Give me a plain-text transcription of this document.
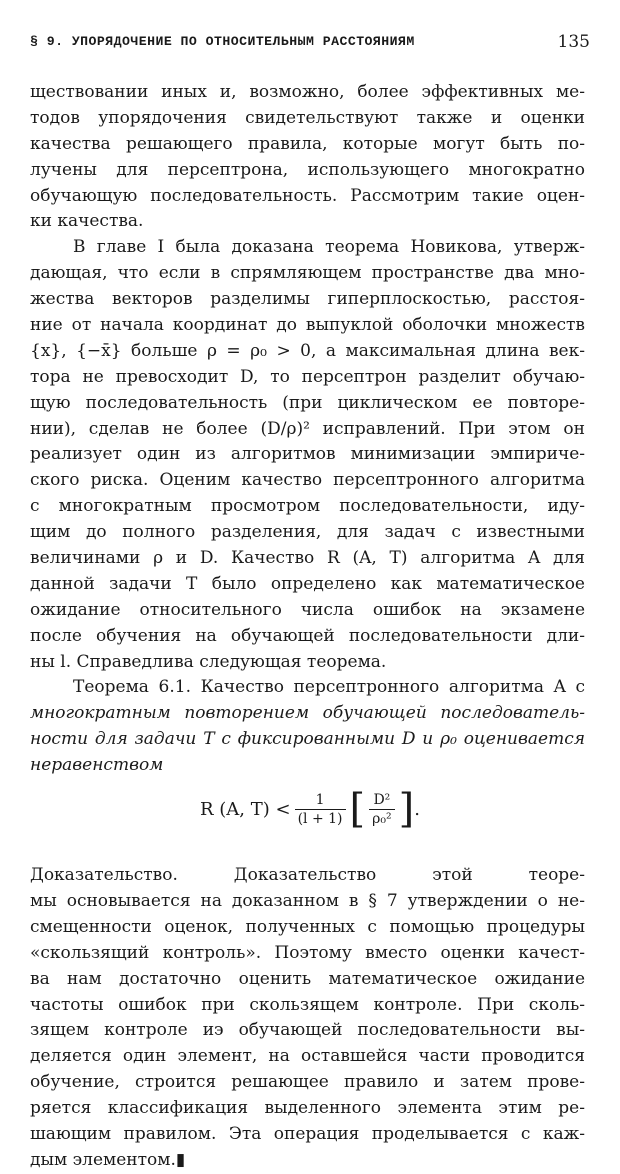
§ 9. УПОРЯДОЧЕНИЕ ПО ОТНОСИТЕЛЬНЫМ РАССТОЯНИЯМ	135
ществовании иных и, возможно, более эффективных ме-
тодов упорядочения свидетельствуют также и оценки
качества решающего правила, которые могут быть по-
лучены для персептрона, использующего многократно
обучающую последовательность. Рассмотрим такие оцен-
ки качества.
В главе I была доказана теорема Новикова, утверж-
дающая, что если в спрямляющем пространстве два мно-
жества векторов разделимы гиперплоскостью, расстоя-
ние от начала координат до выпуклой оболочки множеств
{x}, {−x̄} больше ρ = ρ₀ > 0, а максимальная длина век-
тора не превосходит D, то персептрон разделит обучаю-
щую последовательность (при циклическом ее повторе-
нии), сделав не более (D/ρ)² исправлений. При этом он
реализует один из алгоритмов минимизации эмпириче-
ского риска. Оценим качество персептронного алгоритма
с многократным просмотром последовательности, иду-
щим до полного разделения, для задач с известными
величинами ρ и D. Качество R (A, T) алгоритма A для
данной задачи T было определено как математическое
ожидание относительного числа ошибок на экзамене
после обучения на обучающей последовательности дли-
ны l. Справедлива следующая теорема.
Теорема 6.1. Качество персептронного алгоритма A с
многократным повторением обучающей последователь-
ности для задачи T с фиксированными D и ρ₀ оценивается
неравенством
R (A, $T) < \frac{1}{(l + 1)}$ [ $\frac{\text{D²}}{\text{ρ₀²}}$ ] .
Доказательство. Доказательство этой теоре-
мы основывается на доказанном в § 7 утверждении о не-
смещенности оценок, полученных с помощью процедуры
«скользящий контроль». Поэтому вместо оценки качест-
ва нам достаточно оценить математическое ожидание
частоты ошибок при скользящем контроле. При сколь-
зящем контроле иэ обучающей последовательности вы-
деляется один элемент, на оставшейся части проводится
обучение, строится решающее правило и затем прове-
ряется классификация выделенного элемента этим ре-
шающим правилом. Эта операция проделывается с каж-
дым элементом.▮
